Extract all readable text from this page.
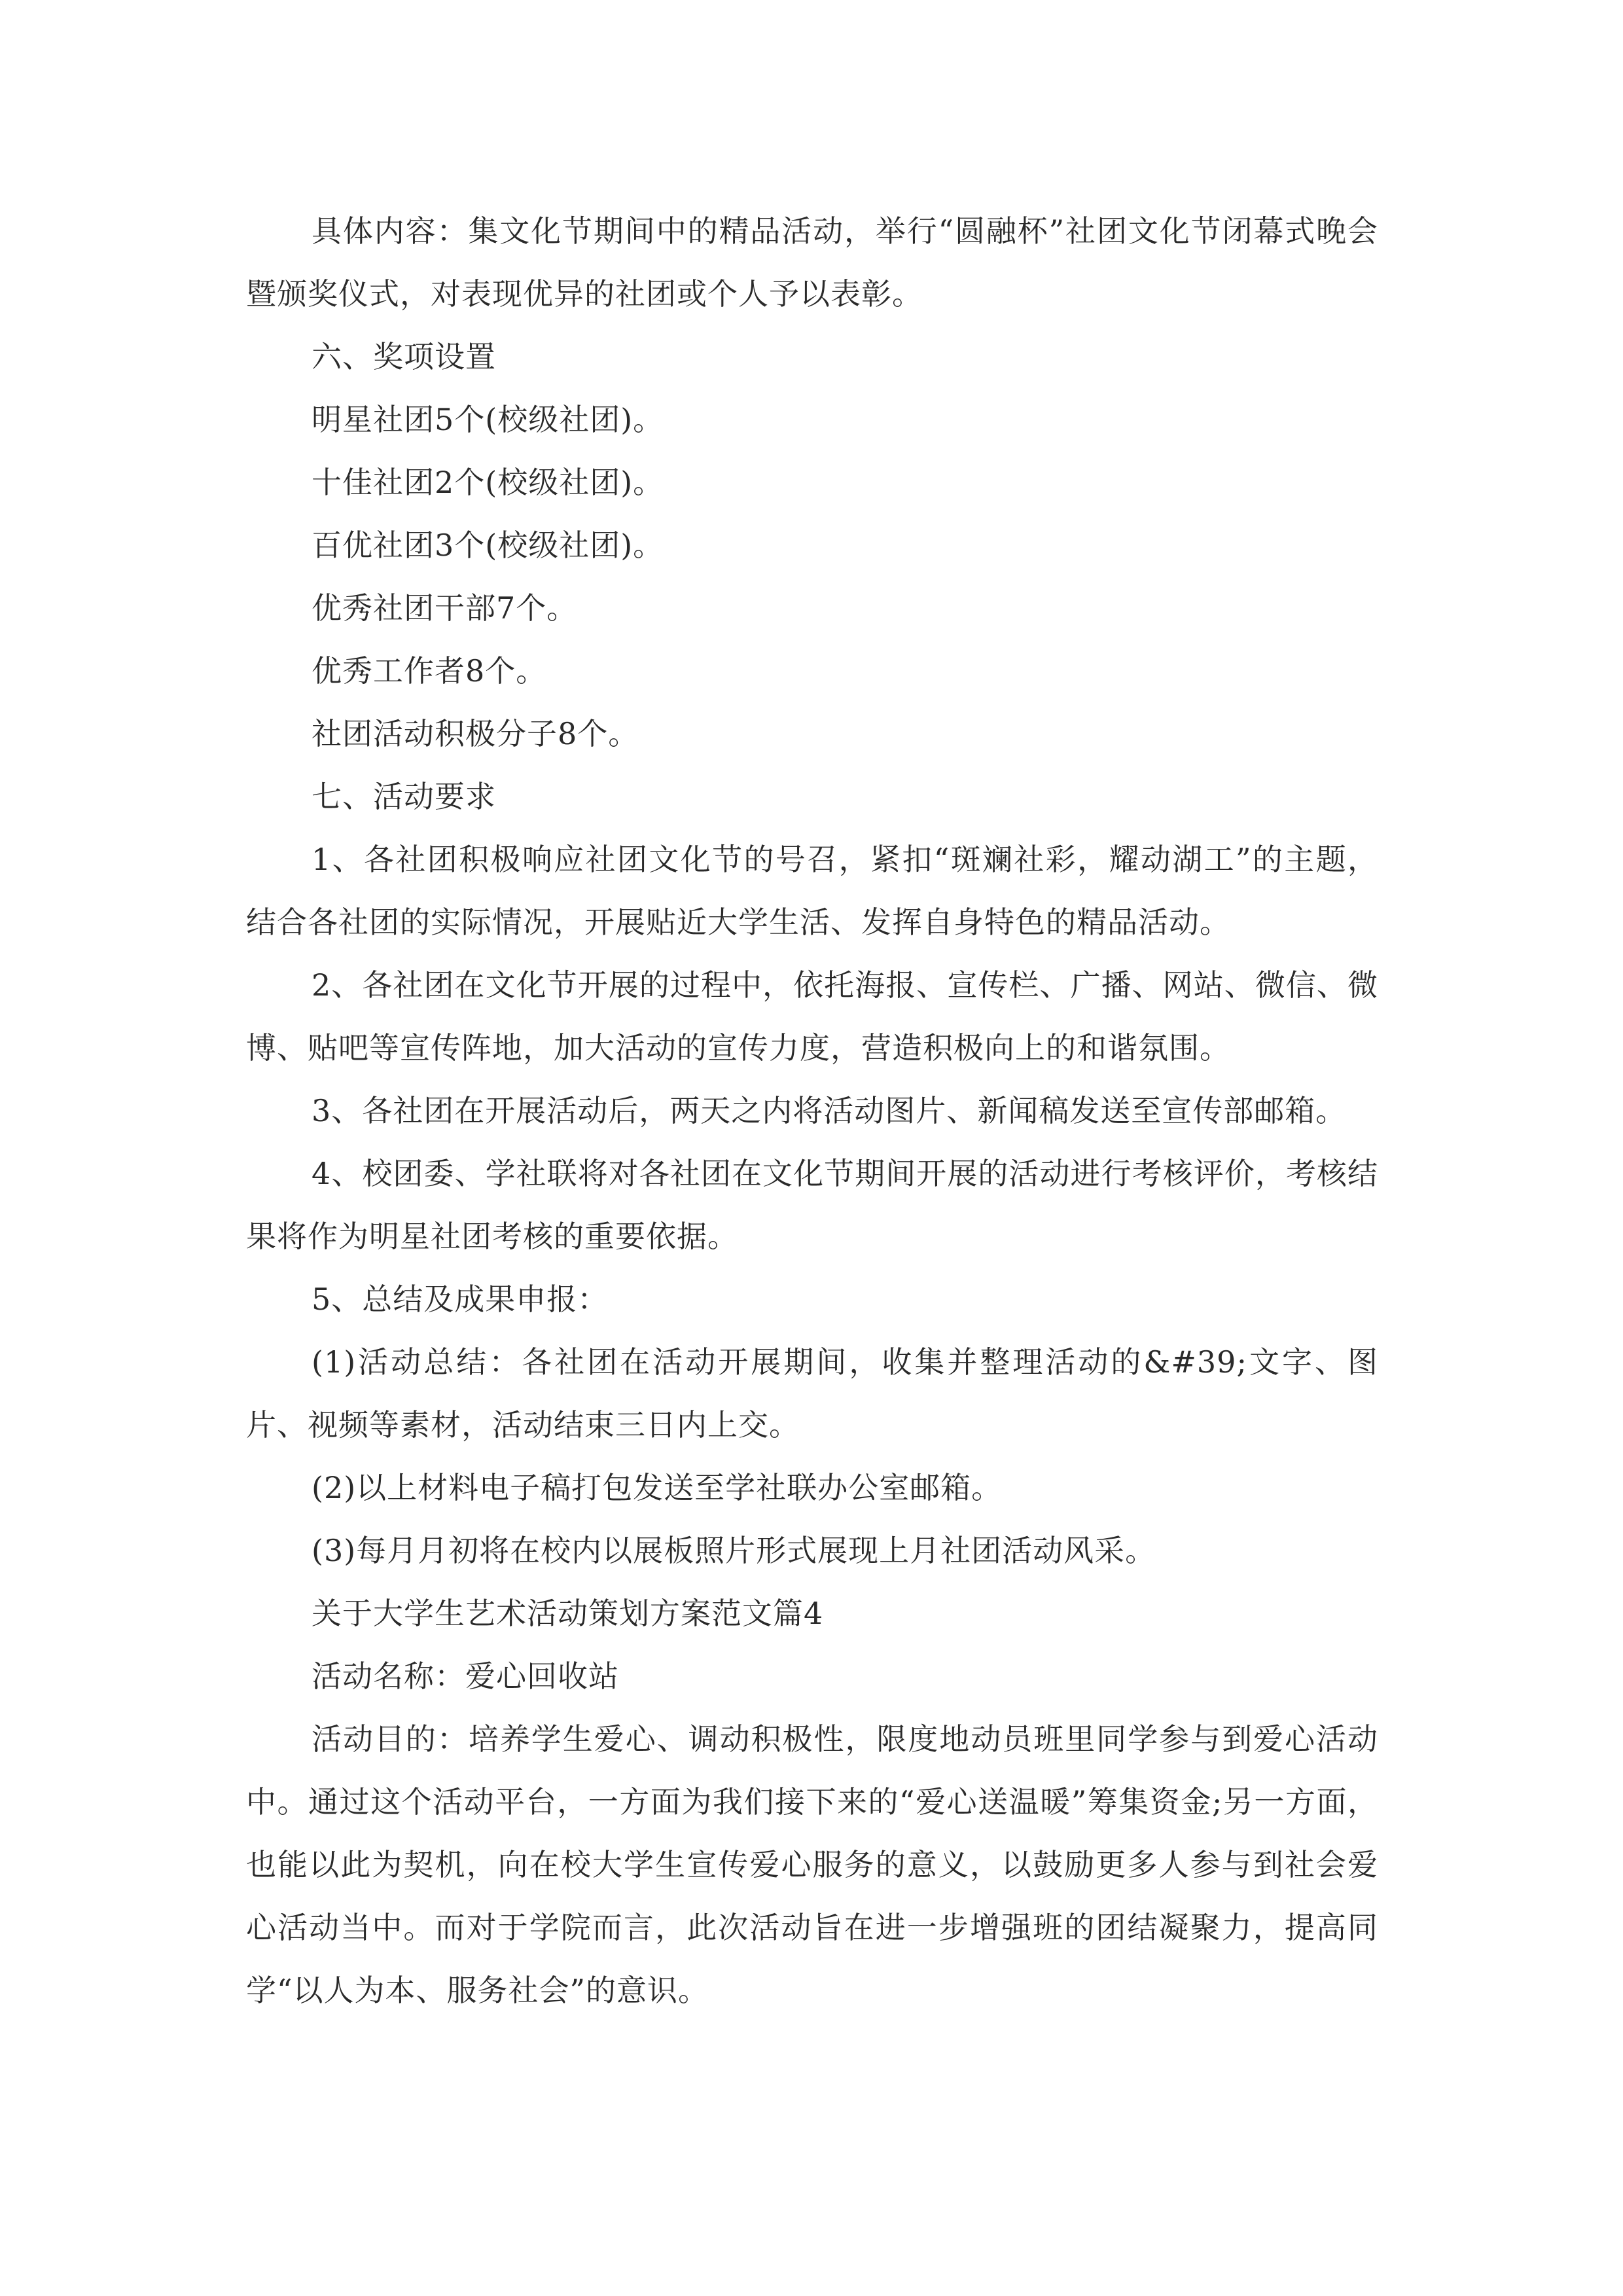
具体内容：集文化节期间中的精品活动，举行“圆融杯”社团文化节闭幕式晚会暨颁奖仪式，对表现优异的社团或个人予以表彰。

六、奖项设置

明星社团5个(校级社团)。

十佳社团2个(校级社团)。

百优社团3个(校级社团)。

优秀社团干部7个。

优秀工作者8个。

社团活动积极分子8个。

七、活动要求

1、各社团积极响应社团文化节的号召，紧扣“斑斓社彩，耀动湖工”的主题，结合各社团的实际情况，开展贴近大学生活、发挥自身特色的精品活动。

2、各社团在文化节开展的过程中，依托海报、宣传栏、广播、网站、微信、微博、贴吧等宣传阵地，加大活动的宣传力度，营造积极向上的和谐氛围。

3、各社团在开展活动后，两天之内将活动图片、新闻稿发送至宣传部邮箱。

4、校团委、学社联将对各社团在文化节期间开展的活动进行考核评价，考核结果将作为明星社团考核的重要依据。

5、总结及成果申报：

(1)活动总结：各社团在活动开展期间，收集并整理活动的&#39;文字、图片、视频等素材，活动结束三日内上交。

(2)以上材料电子稿打包发送至学社联办公室邮箱。

(3)每月月初将在校内以展板照片形式展现上月社团活动风采。

关于大学生艺术活动策划方案范文篇4

活动名称：爱心回收站

活动目的：培养学生爱心、调动积极性，限度地动员班里同学参与到爱心活动中。通过这个活动平台，一方面为我们接下来的“爱心送温暖”筹集资金;另一方面，也能以此为契机，向在校大学生宣传爱心服务的意义，以鼓励更多人参与到社会爱心活动当中。而对于学院而言，此次活动旨在进一步增强班的团结凝聚力，提高同学“以人为本、服务社会”的意识。
